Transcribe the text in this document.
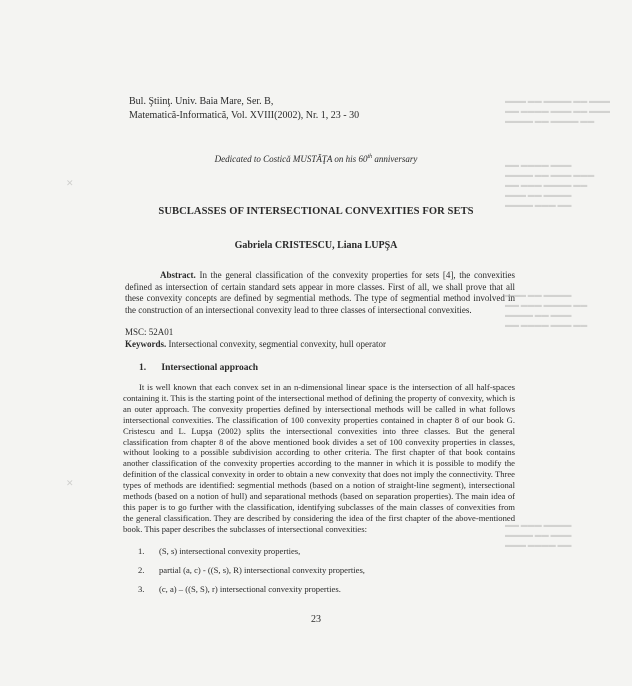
▬▬▬ ▬▬ ▬▬▬▬ ▬▬ ▬▬▬
▬▬ ▬▬▬▬ ▬▬▬ ▬▬ ▬▬▬
▬▬▬▬ ▬▬ ▬▬▬▬ ▬▬
▬▬ ▬▬▬▬ ▬▬▬
▬▬▬▬ ▬▬ ▬▬▬ ▬▬▬
▬▬ ▬▬▬ ▬▬▬▬ ▬▬
▬▬▬ ▬▬ ▬▬▬▬
▬▬▬▬ ▬▬▬ ▬▬
▬▬▬ ▬▬ ▬▬▬▬
▬▬ ▬▬▬ ▬▬▬▬ ▬▬
▬▬▬▬ ▬▬ ▬▬▬
▬▬ ▬▬▬▬ ▬▬▬ ▬▬
▬▬ ▬▬▬ ▬▬▬▬
▬▬▬▬ ▬▬ ▬▬▬
▬▬▬ ▬▬▬▬ ▬▬
✕
✕
Bul. Ştiinţ. Univ. Baia Mare, Ser. B,
Matematică-Informatică, Vol. XVIII(2002), Nr. 1, 23 - 30
Dedicated to Costică MUSTĂŢA on his 60th anniversary
SUBCLASSES OF INTERSECTIONAL CONVEXITIES FOR SETS
Gabriela CRISTESCU, Liana LUPŞA
Abstract. In the general classification of the convexity properties for sets [4], the convexities defined as intersection of certain standard sets appear in more classes. First of all, we shall prove that all these convexity concepts are defined by segmential methods. The type of segmential method involved in the construction of an intersectional convexity lead to three classes of intersectional convexities.
MSC: 52A01
Keywords. Intersectional convexity, segmential convexity, hull operator
1. Intersectional approach
It is well known that each convex set in an n-dimensional linear space is the intersection of all half-spaces containing it. This is the starting point of the intersectional method of defining the property of convexity, which is an outer approach. The convexity properties defined by intersectional methods will be called in what follows intersectional convexities. The classification of 100 convexity properties contained in chapter 8 of our book G. Cristescu and L. Lupşa (2002) splits the intersectional convexities into three classes. But the general classification from chapter 8 of the above mentioned book divides a set of 100 convexity properties in classes, without looking to a possible subdivision according to other criteria. The first chapter of that book contains another classification of the convexity properties according to the manner in which it is possible to modify the definition of the classical convexity in order to obtain a new convexity that does not imply the connectivity. Three types of methods are identified: segmential methods (based on a notion of straight-line segment), intersectional methods (based on a notion of hull) and separational methods (based on separation properties). The main idea of this paper is to go further with the classification, identifying subclasses of the main classes of convexities from the general classification. They are described by considering the idea of the first chapter of the above-mentioned book. This paper describes the subclasses of intersectional convexities:
1.	(S, s) intersectional convexity properties,
2.	partial (a, c) - ((S, s), R) intersectional convexity properties,
3.	(c, a) – ((S, S), r) intersectional convexity properties.
23
